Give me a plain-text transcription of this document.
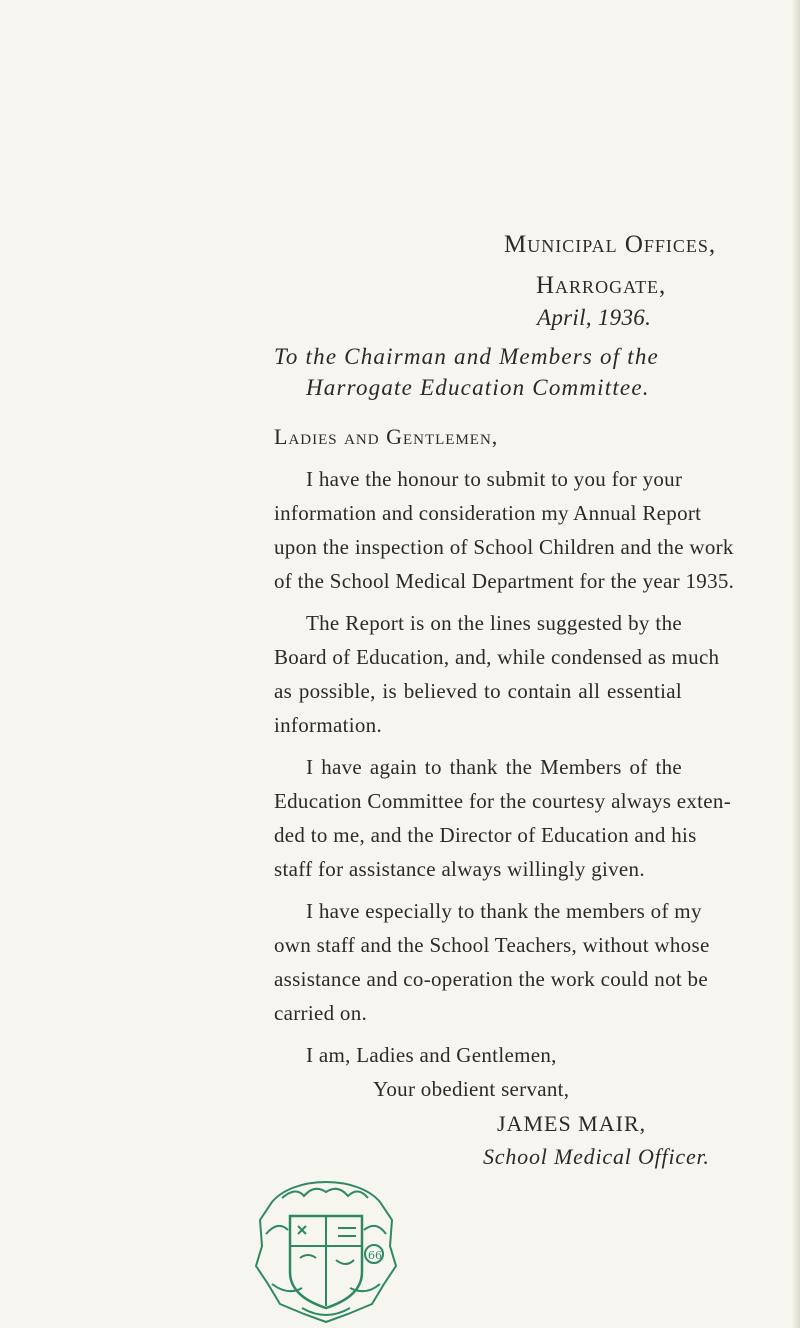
Municipal Offices,
Harrogate,
April, 1936.
To the Chairman and Members of the
Harrogate Education Committee.
Ladies and Gentlemen,
I have the honour to submit to you for your
information and consideration my Annual Report
upon the inspection of School Children and the work
of the School Medical Department for the year 1935.
The Report is on the lines suggested by the
Board of Education, and, while condensed as much
as possible, is believed to contain all essential
information.
I have again to thank the Members of the
Education Committee for the courtesy always exten-
ded to me, and the Director of Education and his
staff for assistance always willingly given.
I have especially to thank the members of my
own staff and the School Teachers, without whose
assistance and co-operation the work could not be
carried on.
I am, Ladies and Gentlemen,
Your obedient servant,
JAMES MAIR,
School Medical Officer.
66
